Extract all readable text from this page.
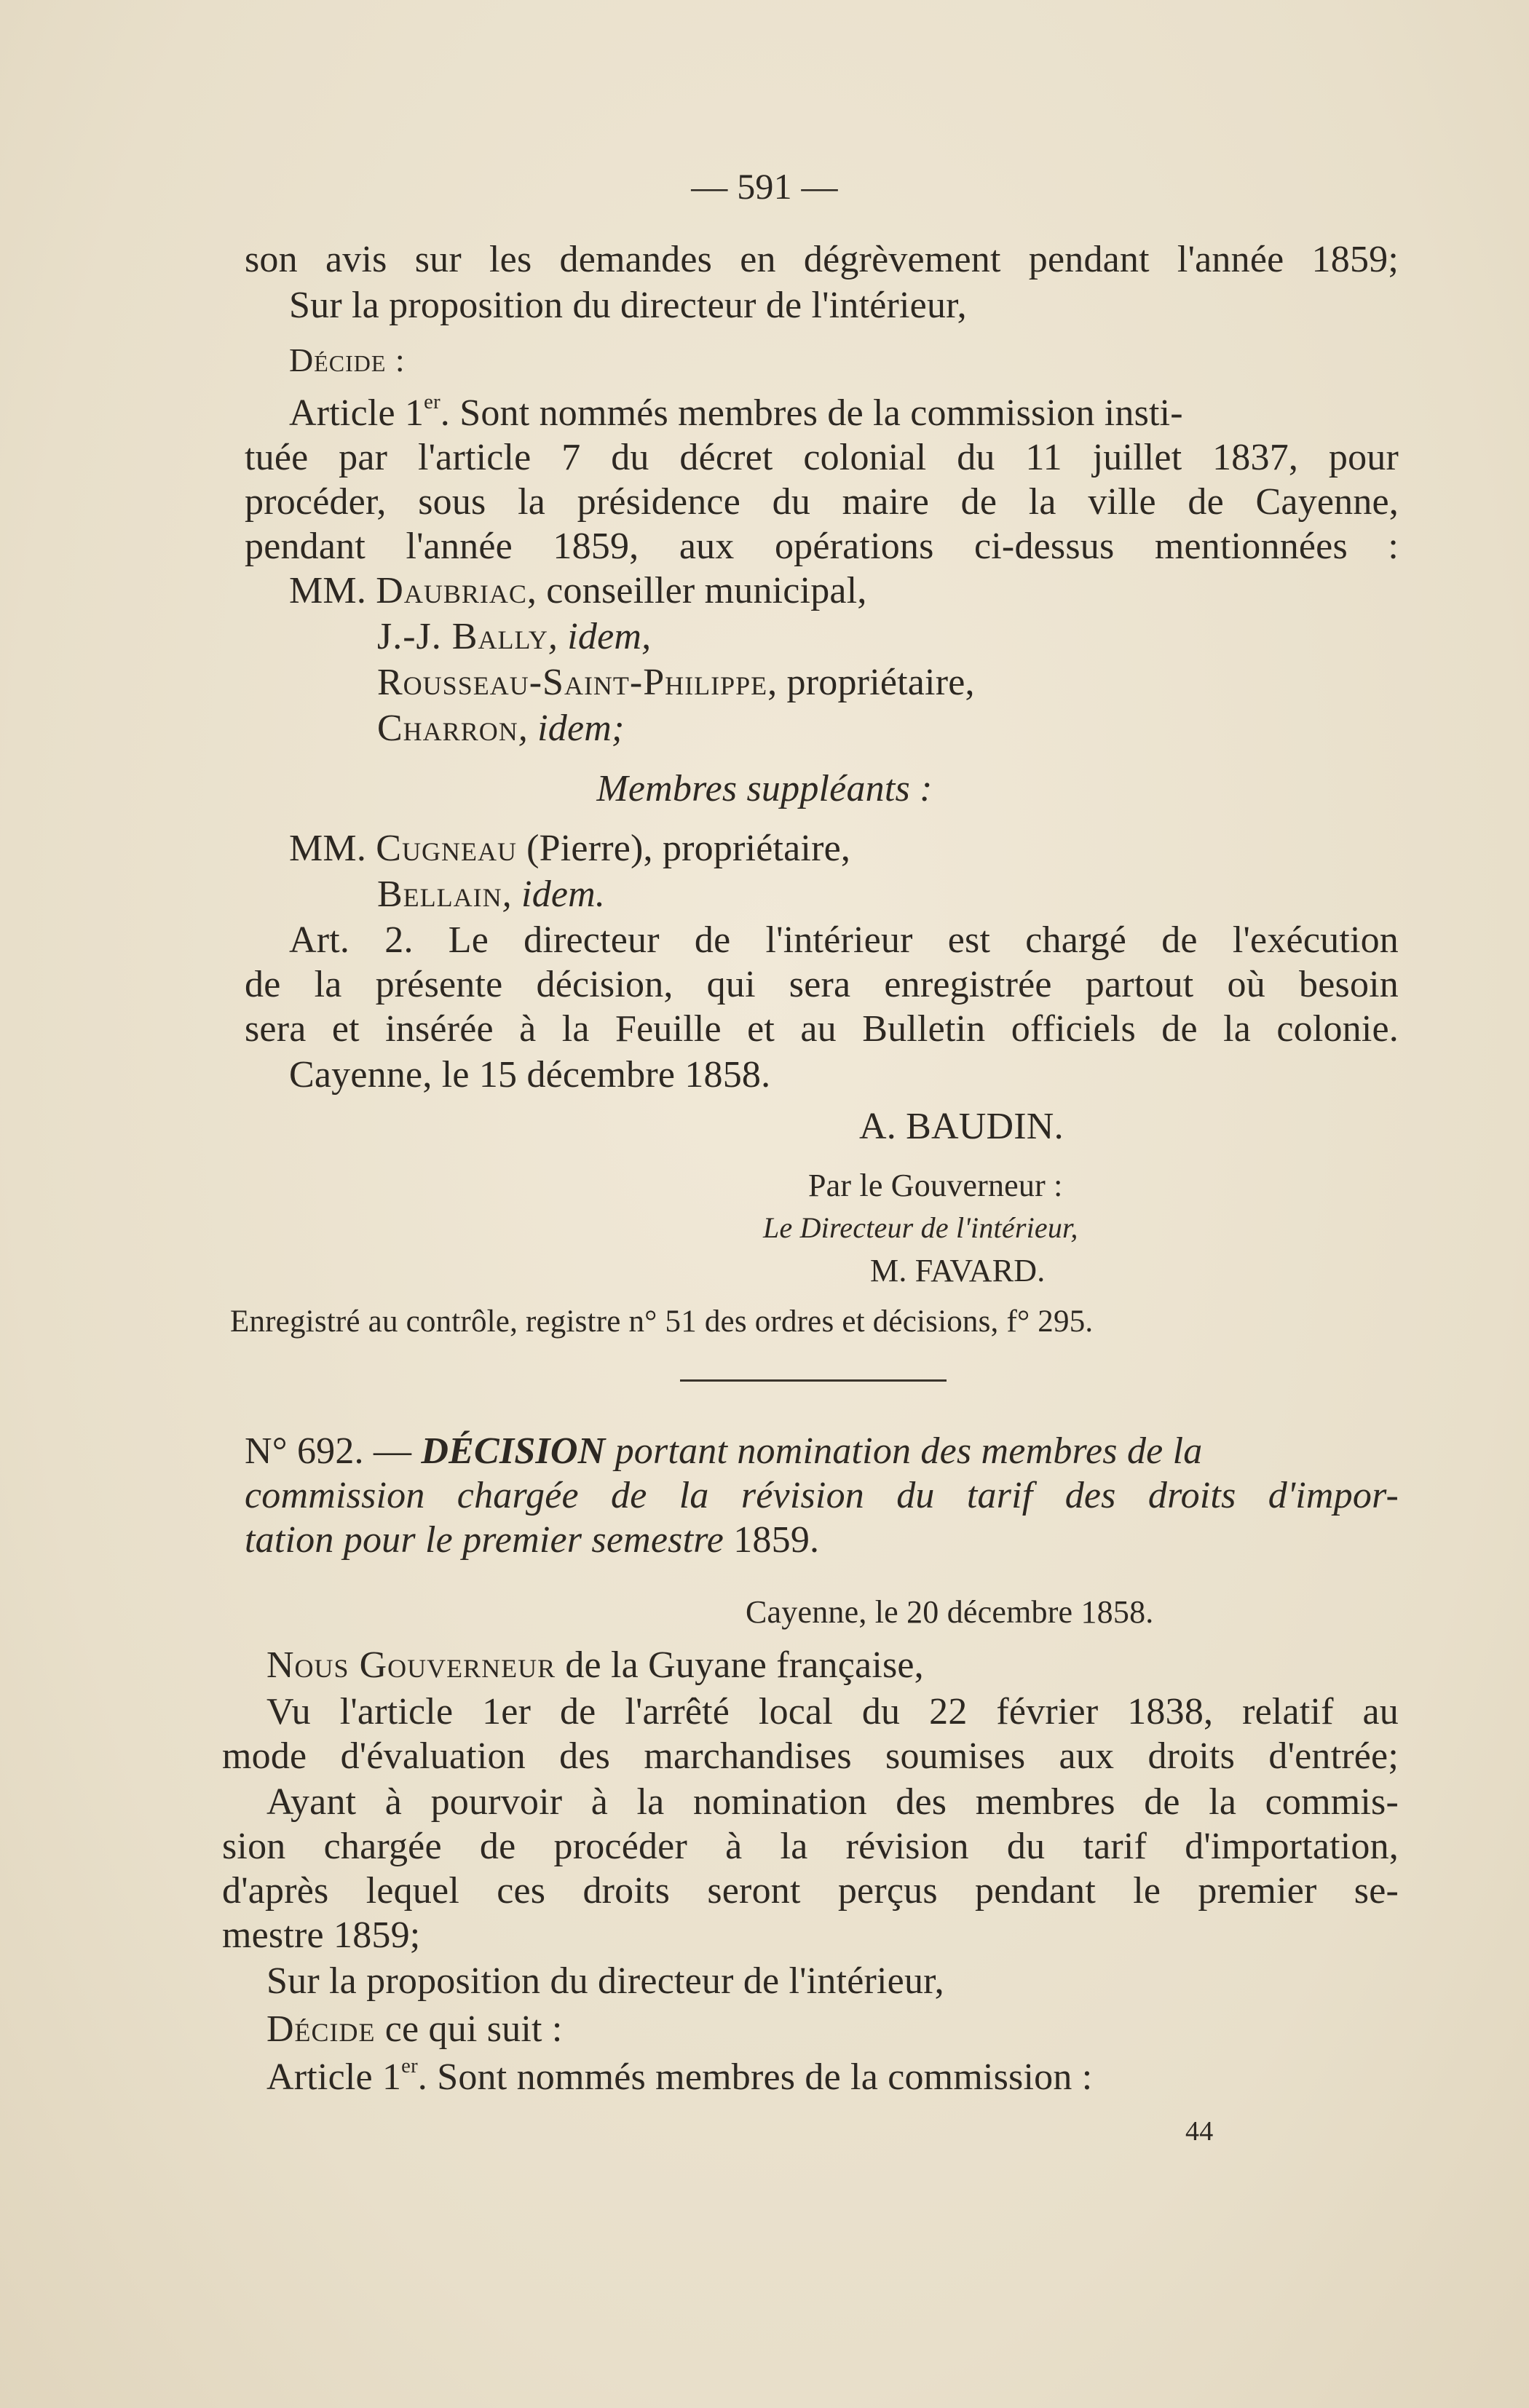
— 591 —
son avis sur les demandes en dégrèvement pendant l'année 1859;
Sur la proposition du directeur de l'intérieur,
Décide :
Article 1er. Sont nommés membres de la commission insti-
tuée par l'article 7 du décret colonial du 11 juillet 1837, pour
procéder, sous la présidence du maire de la ville de Cayenne,
pendant l'année 1859, aux opérations ci-dessus mentionnées :
MM. Daubriac, conseiller municipal,
J.-J. Bally, idem,
Rousseau-Saint-Philippe, propriétaire,
Charron, idem;
Membres suppléants :
MM. Cugneau (Pierre), propriétaire,
Bellain, idem.
Art. 2. Le directeur de l'intérieur est chargé de l'exécution
de la présente décision, qui sera enregistrée partout où besoin
sera et insérée à la Feuille et au Bulletin officiels de la colonie.
Cayenne, le 15 décembre 1858.
A. BAUDIN.
Par le Gouverneur :
Le Directeur de l'intérieur,
M. FAVARD.
Enregistré au contrôle, registre n° 51 des ordres et décisions, f° 295.
N° 692. — DÉCISION portant nomination des membres de la
commission chargée de la révision du tarif des droits d'impor-
tation pour le premier semestre 1859.
Cayenne, le 20 décembre 1858.
Nous Gouverneur de la Guyane française,
Vu l'article 1er de l'arrêté local du 22 février 1838, relatif au
mode d'évaluation des marchandises soumises aux droits d'entrée;
Ayant à pourvoir à la nomination des membres de la commis-
sion chargée de procéder à la révision du tarif d'importation,
d'après lequel ces droits seront perçus pendant le premier se-
mestre 1859;
Sur la proposition du directeur de l'intérieur,
Décide ce qui suit :
Article 1er. Sont nommés membres de la commission :
44
